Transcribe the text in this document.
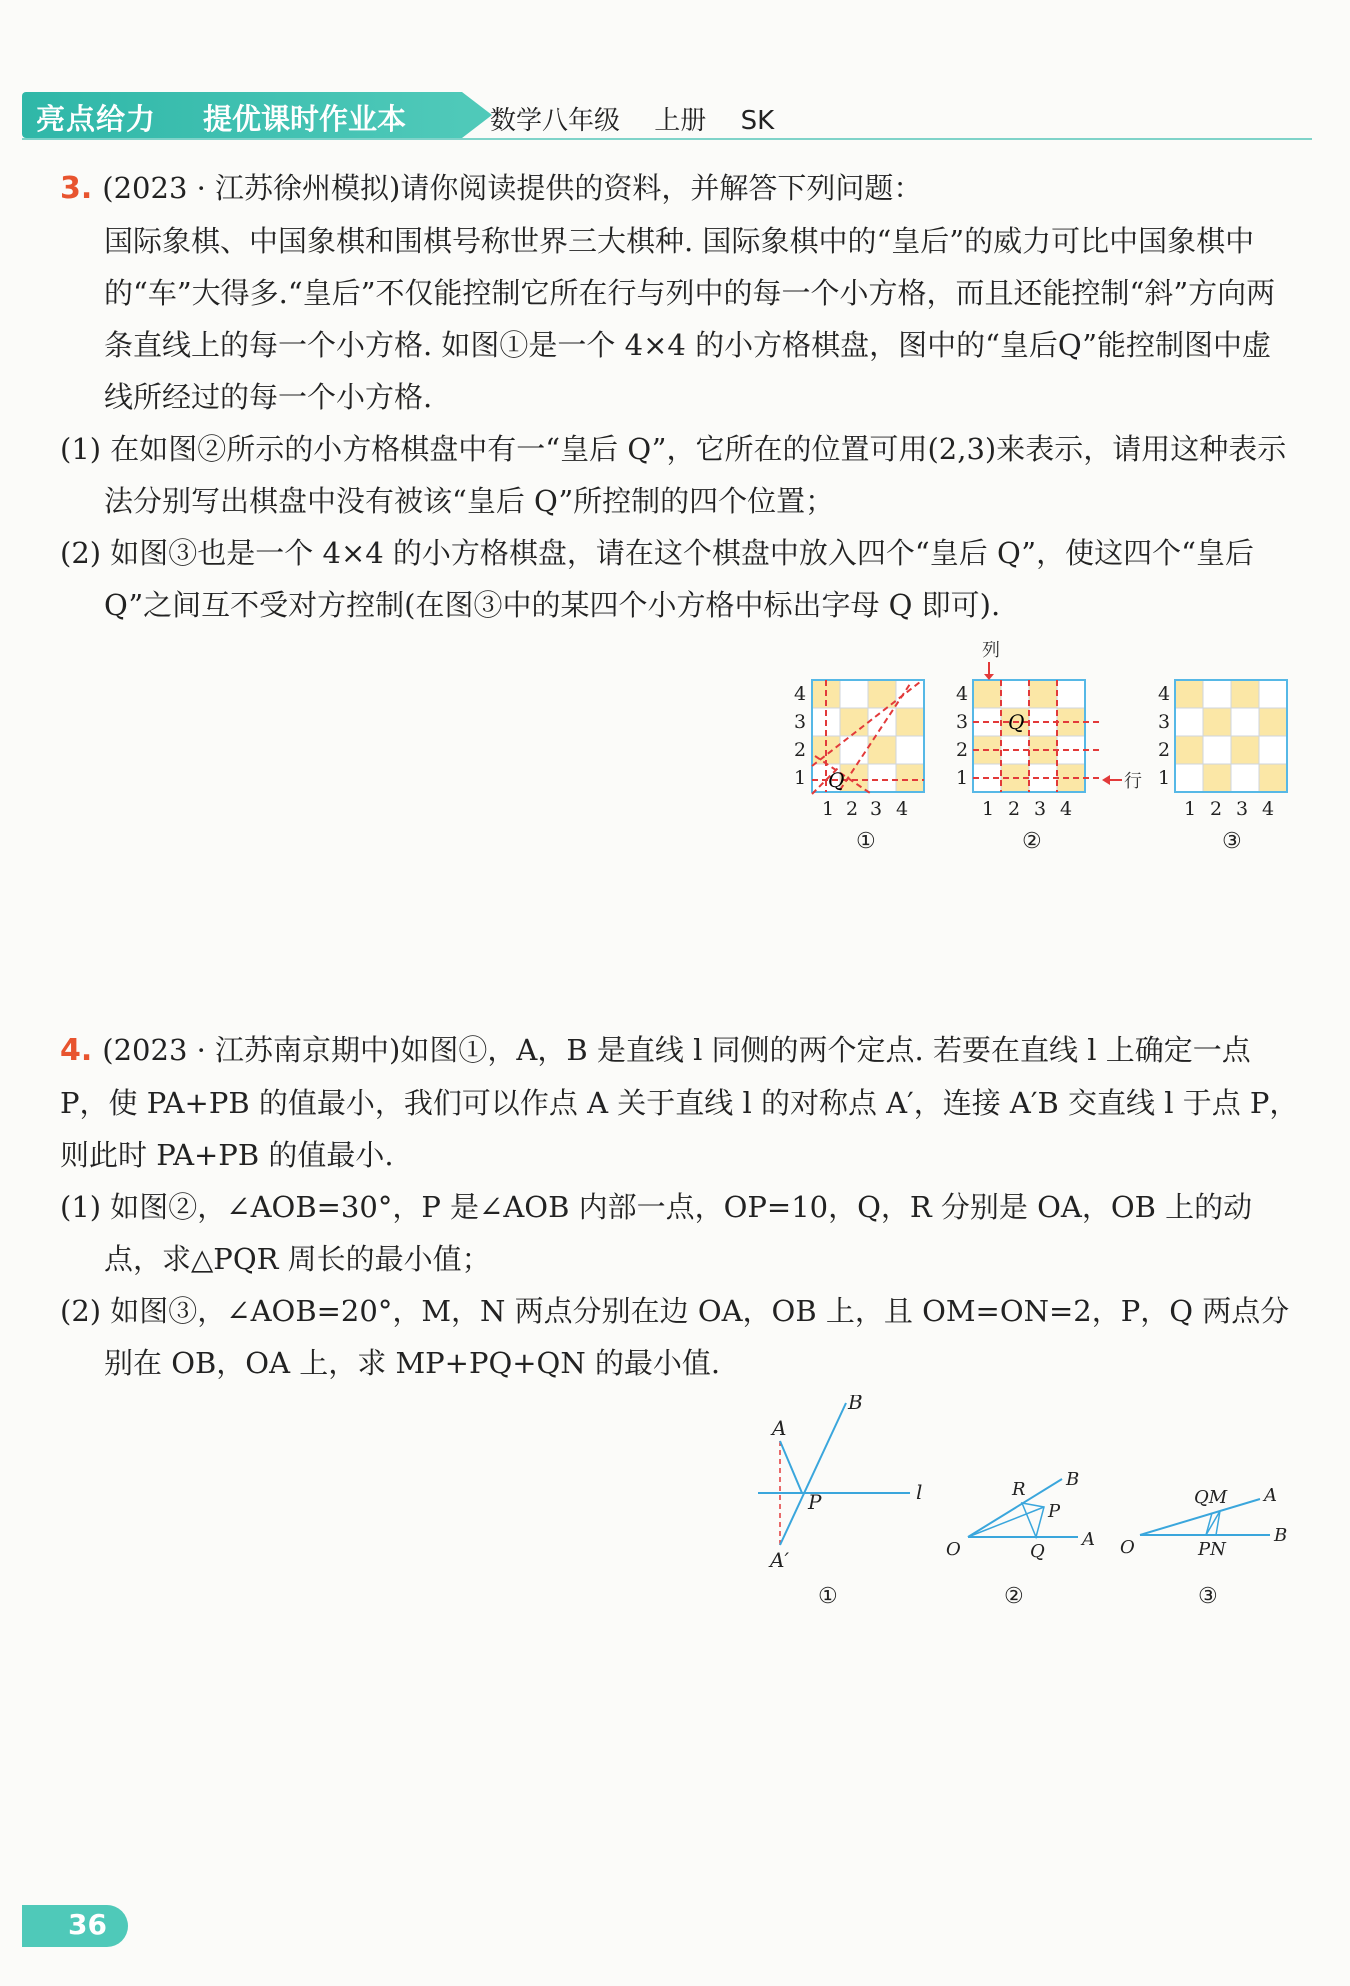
亮点给力 提优课时作业本	数学八年级 上册 SK

3. (2023 · 江苏徐州模拟)请你阅读提供的资料，并解答下列问题：

国际象棋、中国象棋和围棋号称世界三大棋种. 国际象棋中的“皇后”的威力可比中国象棋中的“车”大得多.“皇后”不仅能控制它所在行与列中的每一个小方格，而且还能控制“斜”方向两条直线上的每一个小方格. 如图①是一个 4×4 的小方格棋盘，图中的“皇后Q”能控制图中虚线所经过的每一个小方格.

(1) 在如图②所示的小方格棋盘中有一“皇后 Q”，它所在的位置可用(2,3)来表示，请用这种表示法分别写出棋盘中没有被该“皇后 Q”所控制的四个位置；

(2) 如图③也是一个 4×4 的小方格棋盘，请在这个棋盘中放入四个“皇后 Q”，使这四个“皇后 Q”之间互不受对方控制(在图③中的某四个小方格中标出字母 Q 即可).

Q
Q
列
行
4
3
2
1
1 2 3 4
4
3
2
1
1 2 3 4
4
3
2
1
1 2 3 4
①	②	③

4. (2023 · 江苏南京期中)如图①，A，B 是直线 l 同侧的两个定点. 若要在直线 l 上确定一点 P，使 PA+PB 的值最小，我们可以作点 A 关于直线 l 的对称点 A′，连接 A′B 交直线 l 于点 P，则此时 PA+PB 的值最小.

(1) 如图②，∠AOB=30°，P 是∠AOB 内部一点，OP=10，Q，R 分别是 OA，OB 上的动点，求△PQR 周长的最小值；

(2) 如图③，∠AOB=20°，M，N 两点分别在边 OA，OB 上，且 OM=ON=2，P，Q 两点分别在 OB，OA 上，求 MP+PQ+QN 的最小值.

A
B
P	l
A′
①
O
R B
P
Q
A
②
O
QM A
PN
B
③
36
